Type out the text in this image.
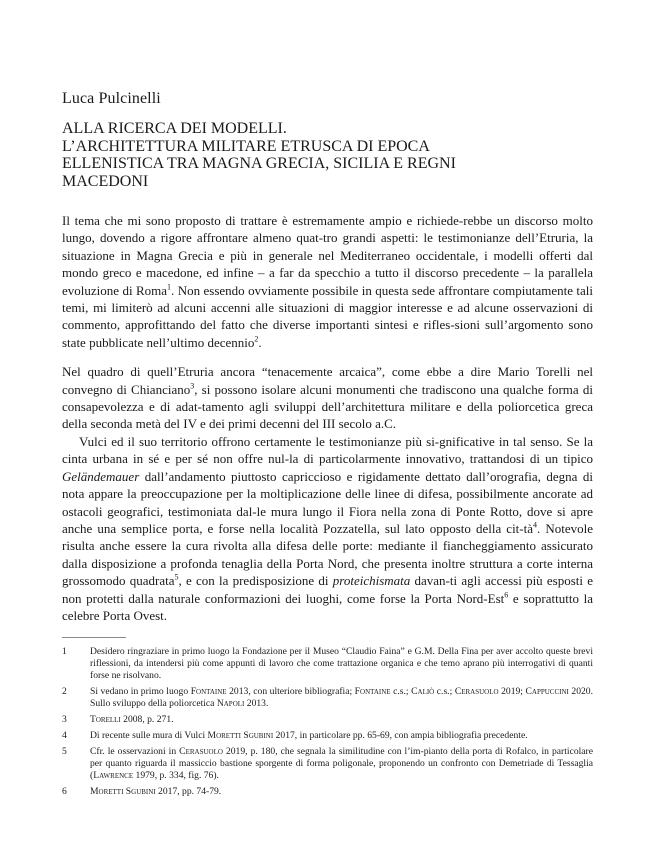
Luca Pulcinelli
ALLA RICERCA DEI MODELLI.
L’ARCHITETTURA MILITARE ETRUSCA DI EPOCA
ELLENISTICA TRA MAGNA GRECIA, SICILIA E REGNI
MACEDONI

Il tema che mi sono proposto di trattare è estremamente ampio e richiede-rebbe un discorso molto lungo, dovendo a rigore affrontare almeno quat-tro grandi aspetti: le testimonianze dell’Etruria, la situazione in Magna Grecia e più in generale nel Mediterraneo occidentale, i modelli offerti dal mondo greco e macedone, ed infine – a far da specchio a tutto il discorso precedente – la parallela evoluzione di Roma$^1$. Non essendo ovviamente possibile in questa sede affrontare compiutamente tali temi, mi limiterò ad alcuni accenni alle situazioni di maggior interesse e ad alcune osservazioni di commento, approfittando del fatto che diverse importanti sintesi e rifles-sioni sull’argomento sono state pubblicate nell’ultimo decennio$^2$.

Nel quadro di quell’Etruria ancora “tenacemente arcaica”, come ebbe a dire Mario Torelli nel convegno di Chianciano$^3$, si possono isolare alcuni monumenti che tradiscono una qualche forma di consapevolezza e di adat-tamento agli sviluppi dell’architettura militare e della poliorcetica greca della seconda metà del IV e dei primi decenni del III secolo a.C.

Vulci ed il suo territorio offrono certamente le testimonianze più si-gnificative in tal senso. Se la cinta urbana in sé e per sé non offre nul-la di particolarmente innovativo, trattandosi di un tipico Geländemauer dall’andamento piuttosto capriccioso e rigidamente dettato dall’orografia, degna di nota appare la preoccupazione per la moltiplicazione delle linee di difesa, possibilmente ancorate ad ostacoli geografici, testimoniata dal-le mura lungo il Fiora nella zona di Ponte Rotto, dove si apre anche una semplice porta, e forse nella località Pozzatella, sul lato opposto della cit-$tà^4$. Notevole risulta anche essere la cura rivolta alla difesa delle porte: mediante il fiancheggiamento assicurato dalla disposizione a profonda tenaglia della Porta Nord, che presenta inoltre struttura a corte interna grossomodo quadrata$^5$, e con la predisposizione di proteichismata davan-ti agli accessi più esposti e non protetti dalla naturale conformazioni dei luoghi, come forse la Porta Nord-Est$^6$ e soprattutto la celebre Porta Ovest.

1	Desidero ringraziare in primo luogo la Fondazione per il Museo “Claudio Faina” e G.M. Della Fina per aver accolto queste brevi riflessioni, da intendersi più come appunti di lavoro che come trattazione organica e che temo aprano più interrogativi di quanti forse ne risolvano.
2	Si vedano in primo luogo Fontaine 2013, con ulteriore bibliografia; Fontaine c.s.; Caliò c.s.; Cerasuolo 2019; Cappuccini 2020. Sullo sviluppo della poliorcetica Napoli 2013.
3	Torelli 2008, p. 271.
4	Di recente sulle mura di Vulci Moretti Sgubini 2017, in particolare pp. 65-69, con ampia bibliografia precedente.
5	Cfr. le osservazioni in Cerasuolo 2019, p. 180, che segnala la similitudine con l’im-pianto della porta di Rofalco, in particolare per quanto riguarda il massiccio bastione sporgente di forma poligonale, proponendo un confronto con Demetriade di Tessaglia (Lawrence 1979, p. 334, fig. 76).
6	Moretti Sgubini 2017, pp. 74-79.
